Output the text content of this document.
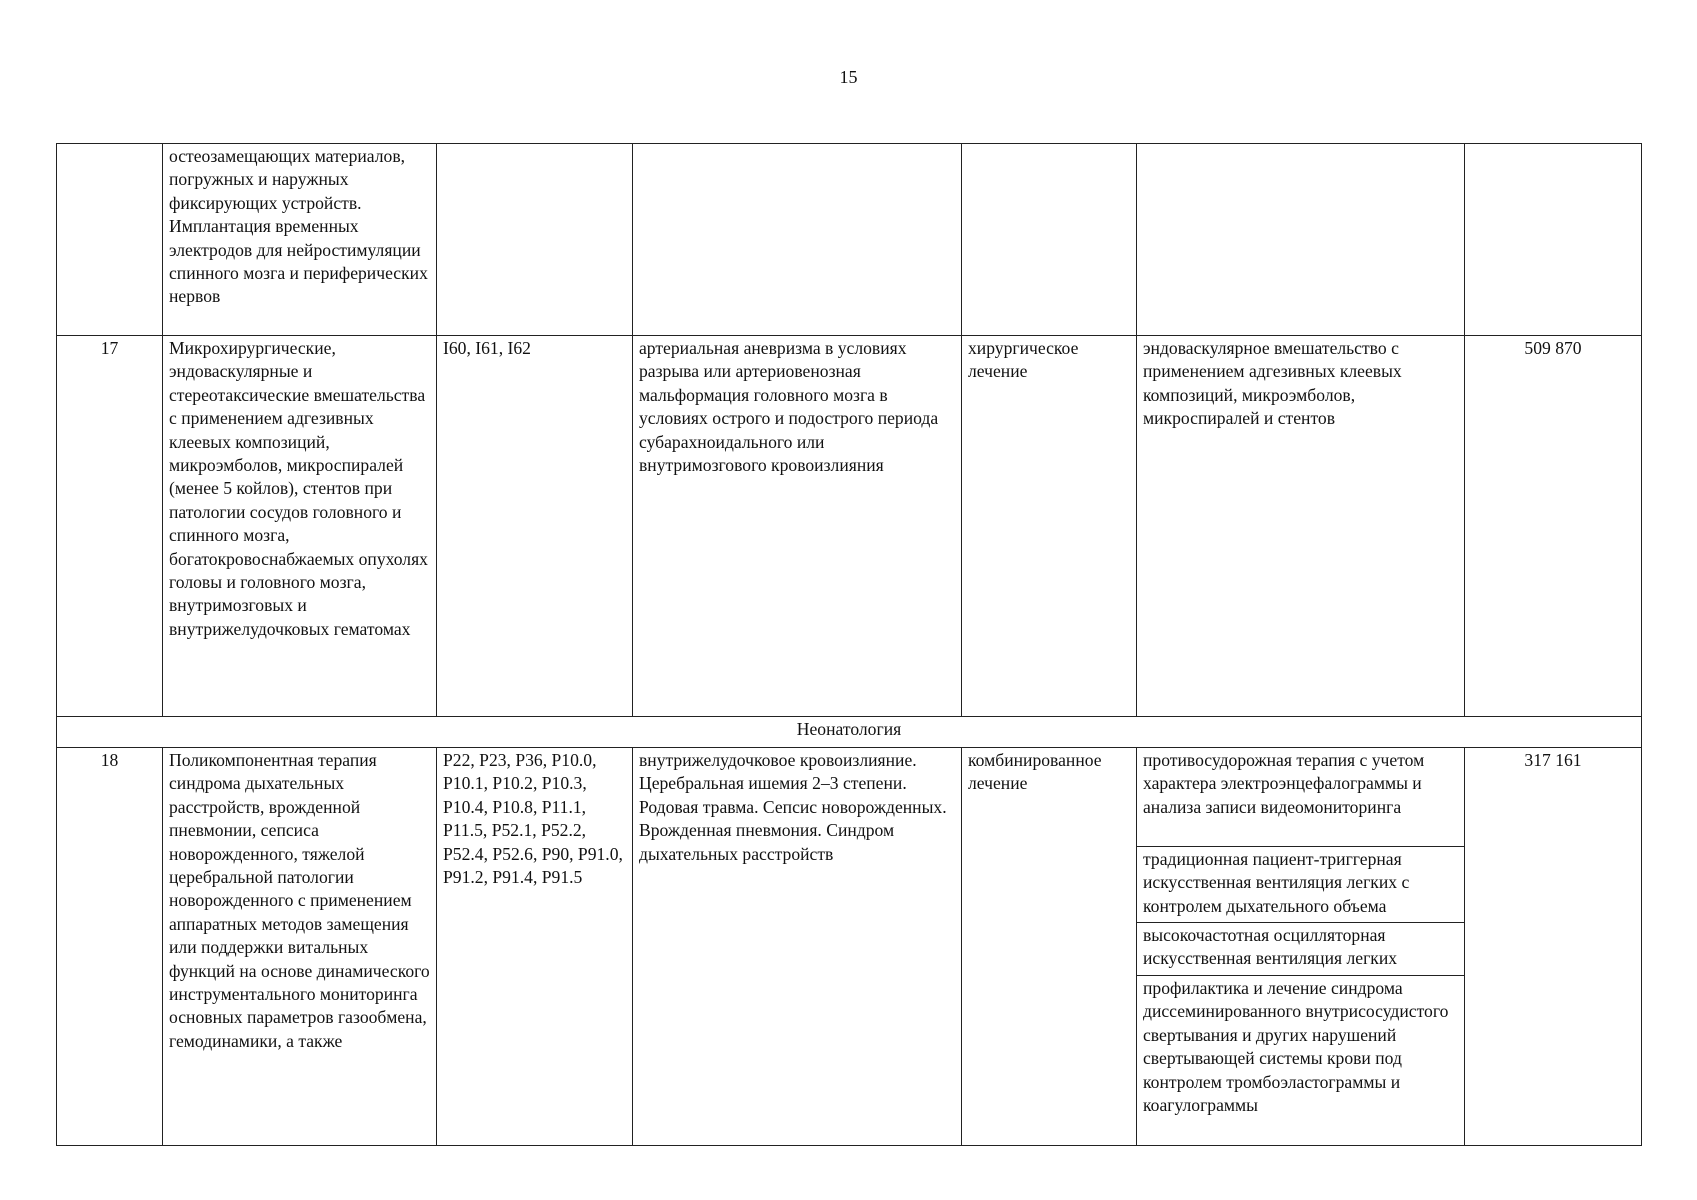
15
	остеозамещающих материалов, погружных и наружных фиксирующих устройств. Имплантация временных электродов для нейростимуляции спинного мозга и периферических нервов					
17	Микрохирургические, эндоваскулярные и стереотаксические вмешательства с применением адгезивных клеевых композиций, микроэмболов, микроспиралей (менее 5 койлов), стентов при патологии сосудов головного и спинного мозга, богатокровоснабжаемых опухолях головы и головного мозга, внутримозговых и внутрижелудочковых гематомах	I60, I61, I62	артериальная аневризма в условиях разрыва или артериовенозная мальформация головного мозга в условиях острого и подострого периода субарахноидального или внутримозгового кровоизлияния	хирургическое лечение	эндоваскулярное вмешательство с применением адгезивных клеевых композиций, микроэмболов, микроспиралей и стентов	509 870
Неонатология						
18	Поликомпонентная терапия синдрома дыхательных расстройств, врожденной пневмонии, сепсиса новорожденного, тяжелой церебральной патологии новорожденного с применением аппаратных методов замещения или поддержки витальных функций на основе динамического инструментального мониторинга основных параметров газообмена, гемодинамики, а также	P22, P23, P36, P10.0, P10.1, P10.2, P10.3, P10.4, P10.8, P11.1, P11.5, P52.1, P52.2, P52.4, P52.6, P90, P91.0, P91.2, P91.4, P91.5	внутрижелудочковое кровоизлияние. Церебральная ишемия 2–3 степени. Родовая травма. Сепсис новорожденных. Врожденная пневмония. Синдром дыхательных расстройств	комбинированное лечение	противосудорожная терапия с учетом характера электроэнцефалограммы и анализа записи видеомониторинга	317 161
					традиционная пациент-триггерная искусственная вентиляция легких с контролем дыхательного объема	
					высокочастотная осцилляторная искусственная вентиляция легких	
					профилактика и лечение синдрома диссеминированного внутрисосудистого свертывания и других нарушений свертывающей системы крови под контролем тромбоэластограммы и коагулограммы	
